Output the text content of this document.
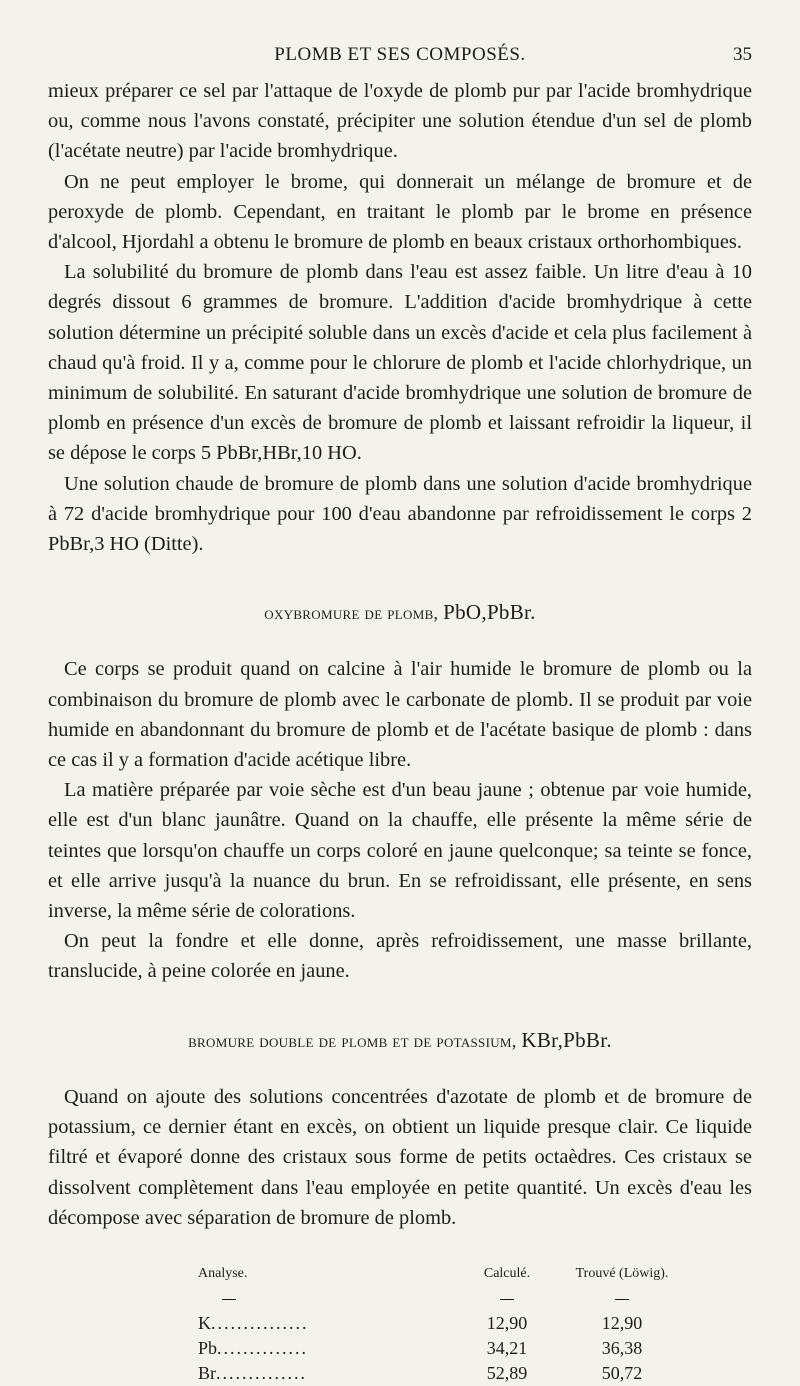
PLOMB ET SES COMPOSÉS.	35

mieux préparer ce sel par l'attaque de l'oxyde de plomb pur par l'acide bromhydrique ou, comme nous l'avons constaté, précipiter une solution étendue d'un sel de plomb (l'acétate neutre) par l'acide bromhydrique.

On ne peut employer le brome, qui donnerait un mélange de bromure et de peroxyde de plomb. Cependant, en traitant le plomb par le brome en présence d'alcool, Hjordahl a obtenu le bromure de plomb en beaux cristaux orthorhombiques.

La solubilité du bromure de plomb dans l'eau est assez faible. Un litre d'eau à 10 degrés dissout 6 grammes de bromure. L'addition d'acide bromhydrique à cette solution détermine un précipité soluble dans un excès d'acide et cela plus facilement à chaud qu'à froid. Il y a, comme pour le chlorure de plomb et l'acide chlorhydrique, un minimum de solubilité. En saturant d'acide bromhydrique une solution de bromure de plomb en présence d'un excès de bromure de plomb et laissant refroidir la liqueur, il se dépose le corps 5 PbBr,HBr,10 HO.

Une solution chaude de bromure de plomb dans une solution d'acide bromhydrique à 72 d'acide bromhydrique pour 100 d'eau abandonne par refroidissement le corps 2 PbBr,3 HO (Ditte).

oxybromure de plomb, PbO,PbBr.

Ce corps se produit quand on calcine à l'air humide le bromure de plomb ou la combinaison du bromure de plomb avec le carbonate de plomb. Il se produit par voie humide en abandonnant du bromure de plomb et de l'acétate basique de plomb : dans ce cas il y a formation d'acide acétique libre.

La matière préparée par voie sèche est d'un beau jaune ; obtenue par voie humide, elle est d'un blanc jaunâtre. Quand on la chauffe, elle présente la même série de teintes que lorsqu'on chauffe un corps coloré en jaune quelconque; sa teinte se fonce, et elle arrive jusqu'à la nuance du brun. En se refroidissant, elle présente, en sens inverse, la même série de colorations.

On peut la fondre et elle donne, après refroidissement, une masse brillante, translucide, à peine colorée en jaune.

bromure double de plomb et de potassium, KBr,PbBr.

Quand on ajoute des solutions concentrées d'azotate de plomb et de bromure de potassium, ce dernier étant en excès, on obtient un liquide presque clair. Ce liquide filtré et évaporé donne des cristaux sous forme de petits octaèdres. Ces cristaux se dissolvent complètement dans l'eau employée en petite quantité. Un excès d'eau les décompose avec séparation de bromure de plomb.

Analyse.	Calculé.	Trouvé (Löwig).

K...............	12,90	12,90
Pb..............	34,21	36,38
Br..............	52,89	50,72
